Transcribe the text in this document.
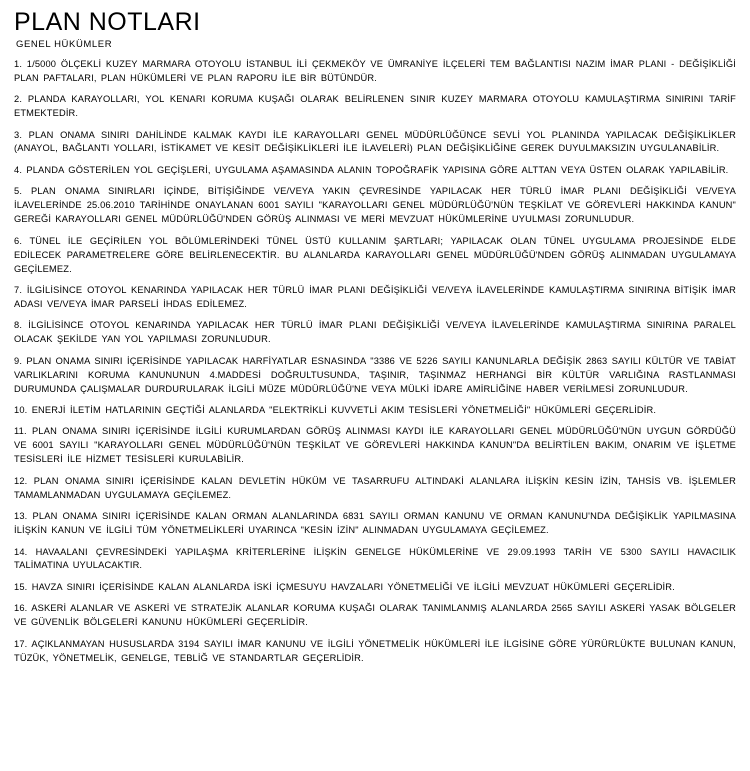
PLAN NOTLARI
GENEL HÜKÜMLER

1. 1/5000 ÖLÇEKLİ KUZEY MARMARA OTOYOLU İSTANBUL İLİ ÇEKMEKÖY VE ÜMRANİYE İLÇELERİ TEM BAĞLANTISI NAZIM İMAR PLANI - DEĞİŞİKLİĞİ PLAN PAFTALARI, PLAN HÜKÜMLERİ VE PLAN RAPORU İLE BİR BÜTÜNDÜR.

2. PLANDA KARAYOLLARI, YOL KENARI KORUMA KUŞAĞI OLARAK BELİRLENEN SINIR KUZEY MARMARA OTOYOLU KAMULAŞTIRMA SINIRINI TARİF ETMEKTEDİR.

3. PLAN ONAMA SINIRI DAHİLİNDE KALMAK KAYDI İLE KARAYOLLARI GENEL MÜDÜRLÜĞÜNCE SEVLİ YOL PLANINDA YAPILACAK DEĞİŞİKLİKLER (ANAYOL, BAĞLANTI YOLLARI, İSTİKAMET VE KESİT DEĞİŞİKLİKLERİ İLE İLAVELERİ) PLAN DEĞİŞİKLİĞİNE GEREK DUYULMAKSIZIN UYGULANABİLİR.

4. PLANDA GÖSTERİLEN YOL GEÇİŞLERİ, UYGULAMA AŞAMASINDA ALANIN TOPOĞRAFİK YAPISINA GÖRE ALTTAN VEYA ÜSTEN OLARAK YAPILABİLİR.

5. PLAN ONAMA SINIRLARI İÇİNDE, BİTİŞİĞİNDE VE/VEYA YAKIN ÇEVRESİNDE YAPILACAK HER TÜRLÜ İMAR PLANI DEĞİŞİKLİĞİ VE/VEYA İLAVELERİNDE 25.06.2010 TARİHİNDE ONAYLANAN 6001 SAYILI "KARAYOLLARI GENEL MÜDÜRLÜĞÜ'NÜN TEŞKİLAT VE GÖREVLERİ HAKKINDA KANUN" GEREĞİ KARAYOLLARI GENEL MÜDÜRLÜĞÜ'NDEN GÖRÜŞ ALINMASI VE MERİ MEVZUAT HÜKÜMLERİNE UYULMASI ZORUNLUDUR.

6. TÜNEL İLE GEÇİRİLEN YOL BÖLÜMLERİNDEKİ TÜNEL ÜSTÜ KULLANIM ŞARTLARI; YAPILACAK OLAN TÜNEL UYGULAMA PROJESİNDE ELDE EDİLECEK PARAMETRELERE GÖRE BELİRLENECEKTİR. BU ALANLARDA KARAYOLLARI GENEL MÜDÜRLÜĞÜ'NDEN GÖRÜŞ ALINMADAN UYGULAMAYA GEÇİLEMEZ.

7. İLGİLİSİNCE OTOYOL KENARINDA YAPILACAK HER TÜRLÜ İMAR PLANI DEĞİŞİKLİĞİ VE/VEYA İLAVELERİNDE KAMULAŞTIRMA SINIRINA BİTİŞİK İMAR ADASI VE/VEYA İMAR PARSELİ İHDAS EDİLEMEZ.

8. İLGİLİSİNCE OTOYOL KENARINDA YAPILACAK HER TÜRLÜ İMAR PLANI DEĞİŞİKLİĞİ VE/VEYA İLAVELERİNDE KAMULAŞTIRMA SINIRINA PARALEL OLACAK ŞEKİLDE YAN YOL YAPILMASI ZORUNLUDUR.

9. PLAN ONAMA SINIRI İÇERİSİNDE YAPILACAK HARFİYATLAR ESNASINDA "3386 VE 5226 SAYILI KANUNLARLA DEĞİŞİK 2863 SAYILI KÜLTÜR VE TABİAT VARLIKLARINI KORUMA KANUNUNUN 4.MADDESİ DOĞRULTUSUNDA, TAŞINIR, TAŞINMAZ HERHANGİ BİR KÜLTÜR VARLIĞINA RASTLANMASI DURUMUNDA ÇALIŞMALAR DURDURULARAK İLGİLİ MÜZE MÜDÜRLÜĞÜ'NE VEYA MÜLKİ İDARE AMİRLİĞİNE HABER VERİLMESİ ZORUNLUDUR.

10. ENERJİ İLETİM HATLARININ GEÇTİĞİ ALANLARDA "ELEKTRİKLİ KUVVETLİ AKIM TESİSLERİ YÖNETMELİĞİ" HÜKÜMLERİ GEÇERLİDİR.

11. PLAN ONAMA SINIRI İÇERİSİNDE İLGİLİ KURUMLARDAN GÖRÜŞ ALINMASI KAYDI İLE KARAYOLLARI GENEL MÜDÜRLÜĞÜ'NÜN UYGUN GÖRDÜĞÜ VE 6001 SAYILI "KARAYOLLARI GENEL MÜDÜRLÜĞÜ'NÜN TEŞKİLAT VE GÖREVLERİ HAKKINDA KANUN"DA BELİRTİLEN BAKIM, ONARIM VE İŞLETME TESİSLERİ İLE HİZMET TESİSLERİ KURULABİLİR.

12. PLAN ONAMA SINIRI İÇERİSİNDE KALAN DEVLETİN HÜKÜM VE TASARRUFU ALTINDAKİ ALANLARA İLİŞKİN KESİN İZİN, TAHSİS VB. İŞLEMLER TAMAMLANMADAN UYGULAMAYA GEÇİLEMEZ.

13. PLAN ONAMA SINIRI İÇERİSİNDE KALAN ORMAN ALANLARINDA 6831 SAYILI ORMAN KANUNU VE ORMAN KANUNU'NDA DEĞİŞİKLİK YAPILMASINA İLİŞKİN KANUN VE İLGİLİ TÜM YÖNETMELİKLERİ UYARINCA "KESİN İZİN" ALINMADAN UYGULAMAYA GEÇİLEMEZ.

14. HAVAALANI ÇEVRESİNDEKİ YAPILAŞMA KRİTERLERİNE İLİŞKİN GENELGE HÜKÜMLERİNE VE 29.09.1993 TARİH VE 5300 SAYILI HAVACILIK TALİMATINA UYULACAKTIR.

15. HAVZA SINIRI İÇERİSİNDE KALAN ALANLARDA İSKİ İÇMESUYU HAVZALARI YÖNETMELİĞİ VE İLGİLİ MEVZUAT HÜKÜMLERİ GEÇERLİDİR.

16. ASKERİ ALANLAR VE ASKERİ VE STRATEJİK ALANLAR KORUMA KUŞAĞI OLARAK TANIMLANMIŞ ALANLARDA 2565 SAYILI ASKERİ YASAK BÖLGELER VE GÜVENLİK BÖLGELERİ KANUNU HÜKÜMLERİ GEÇERLİDİR.

17. AÇIKLANMAYAN HUSUSLARDA 3194 SAYILI İMAR KANUNU VE İLGİLİ YÖNETMELİK HÜKÜMLERİ İLE İLGİSİNE GÖRE YÜRÜRLÜKTE BULUNAN KANUN, TÜZÜK, YÖNETMELİK, GENELGE, TEBLİĞ VE STANDARTLAR GEÇERLİDİR.
